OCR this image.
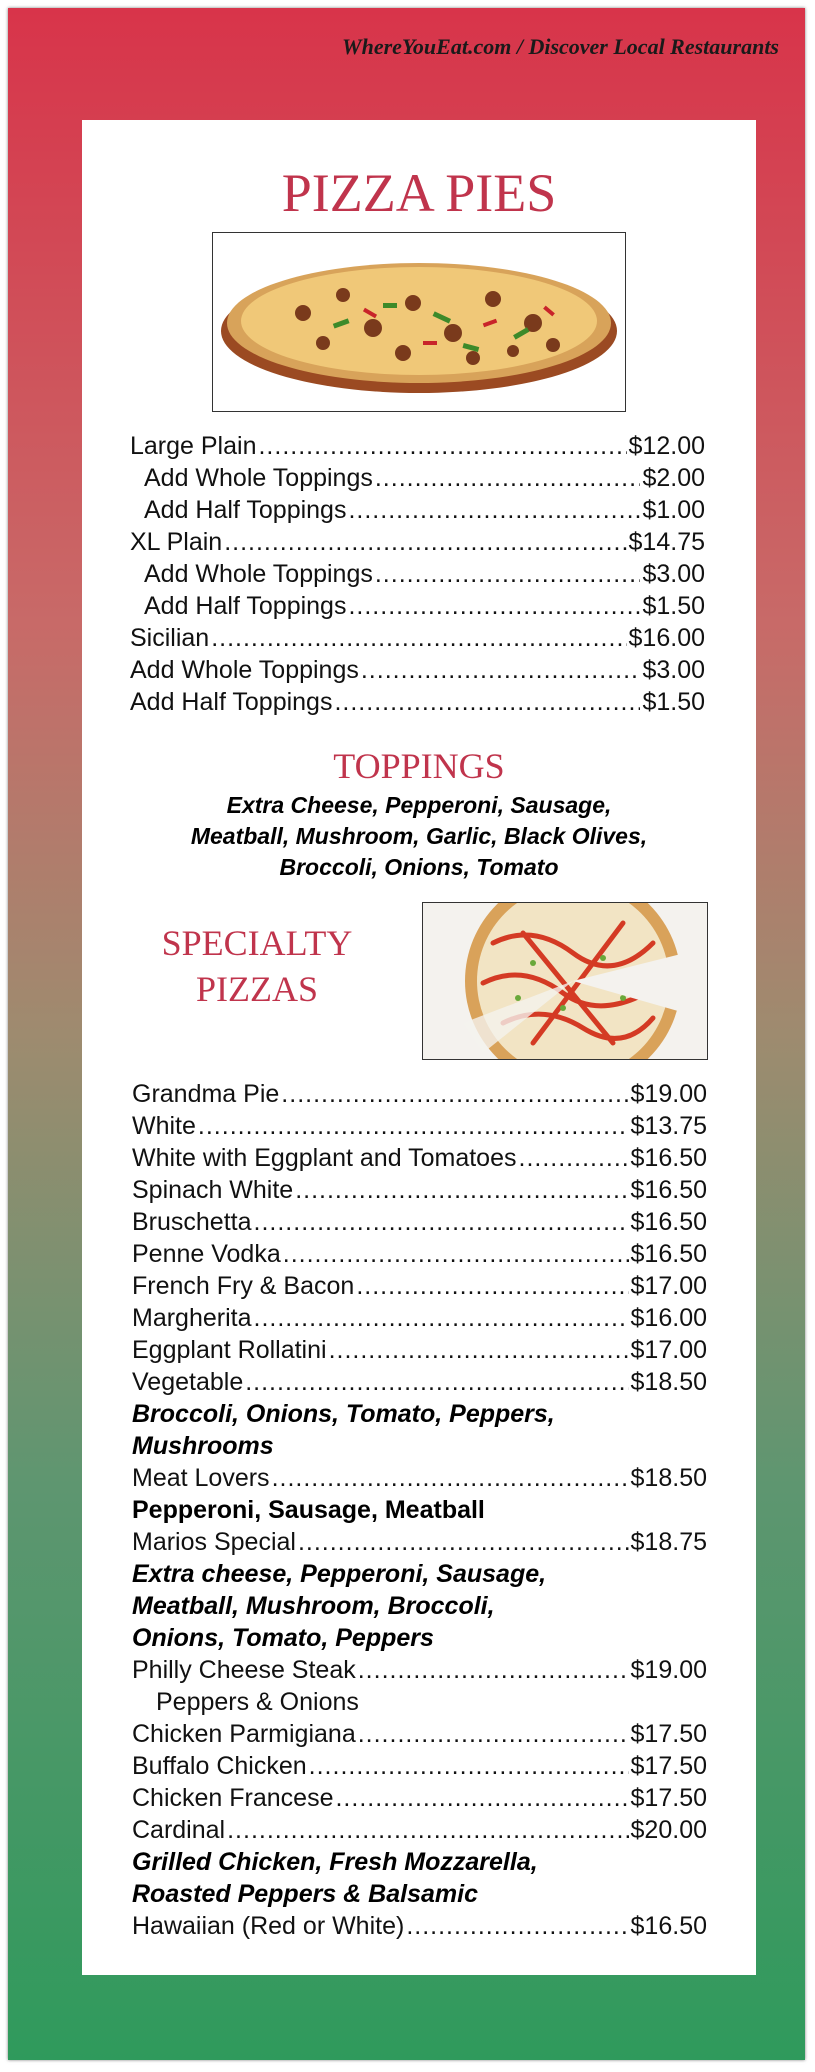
WhereYouEat.com / Discover Local Restaurants
PIZZA PIES
Large Plain .....	$12.00
Add Whole Toppings .....	$2.00
Add Half Toppings .....	$1.00
XL Plain .....	$14.75
Add Whole Toppings .....	$3.00
Add Half Toppings .....	$1.50
Sicilian .....	$16.00
Add Whole Toppings .....	$3.00
Add Half Toppings .....	$1.50
TOPPINGS
Extra Cheese, Pepperoni, Sausage,
Meatball, Mushroom, Garlic, Black Olives,
Broccoli, Onions, Tomato
SPECIALTY
PIZZAS
Grandma Pie .....	$19.00
White .....	$13.75
White with Eggplant and Tomatoes .....	$16.50
Spinach White .....	$16.50
Bruschetta .....	$16.50
Penne Vodka .....	$16.50
French Fry & Bacon .....	$17.00
Margherita .....	$16.00
Eggplant Rollatini .....	$17.00
Vegetable .....	$18.50
Broccoli, Onions, Tomato, Peppers,
Mushrooms
Meat Lovers .....	$18.50
Pepperoni, Sausage, Meatball
Marios Special .....	$18.75
Extra cheese, Pepperoni, Sausage,
Meatball, Mushroom, Broccoli,
Onions, Tomato, Peppers
Philly Cheese Steak .....	$19.00
Peppers & Onions
Chicken Parmigiana .....	$17.50
Buffalo Chicken .....	$17.50
Chicken Francese .....	$17.50
Cardinal .....	$20.00
Grilled Chicken, Fresh Mozzarella,
Roasted Peppers & Balsamic
Hawaiian (Red or White) .....	$16.50
